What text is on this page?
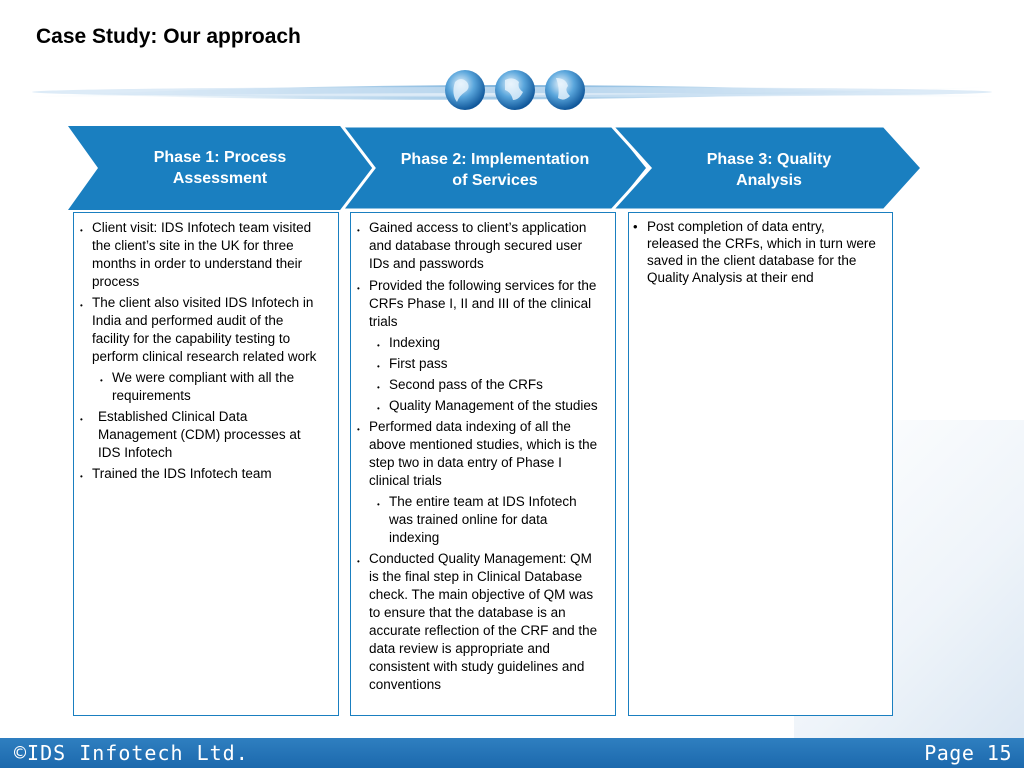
Case Study: Our approach
Phase 1: Process
Assessment
Phase 2: Implementation
of Services
Phase 3: Quality
Analysis
• Client visit: IDS Infotech team visited
the client’s site in the UK for three
months in order to understand their
process
• The client also visited IDS Infotech in
India and performed audit of the
facility for the capability testing to
perform clinical research related work
• We were compliant with all the
requirements
• Established Clinical Data
Management (CDM) processes at
IDS Infotech
• Trained the IDS Infotech team
• Gained access to client’s application
and database through secured user
IDs and passwords
• Provided the following services for the
CRFs Phase I, II and III of the clinical
trials
• Indexing
• First pass
• Second pass of the CRFs
• Quality Management of the studies
• Performed data indexing of all the
above mentioned studies, which is the
step two in data entry of Phase I
clinical trials
• The entire team at IDS Infotech
was trained online for data
indexing
• Conducted Quality Management: QM
is the final step in Clinical Database
check. The main objective of QM was
to ensure that the database is an
accurate reflection of the CRF and the
data review is appropriate and
consistent with study guidelines and
conventions
• Post completion of data entry,
released the CRFs, which in turn were
saved in the client database for the
Quality Analysis at their end
©IDS Infotech Ltd.	Page 15
